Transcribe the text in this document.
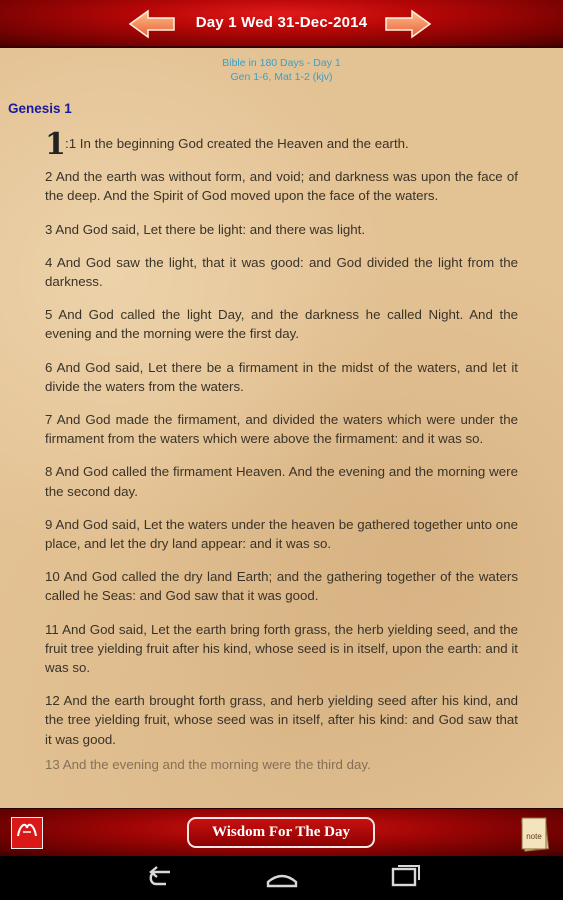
Day 1 Wed 31-Dec-2014
Bible in 180 Days - Day 1
Gen 1-6, Mat 1-2 (kjv)
Genesis 1
1 :1 In the beginning God created the Heaven and the earth.
2 And the earth was without form, and void; and darkness was upon the face of the deep. And the Spirit of God moved upon the face of the waters.
3 And God said, Let there be light: and there was light.
4 And God saw the light, that it was good: and God divided the light from the darkness.
5 And God called the light Day, and the darkness he called Night. And the evening and the morning were the first day.
6 And God said, Let there be a firmament in the midst of the waters, and let it divide the waters from the waters.
7 And God made the firmament, and divided the waters which were under the firmament from the waters which were above the firmament: and it was so.
8 And God called the firmament Heaven. And the evening and the morning were the second day.
9 And God said, Let the waters under the heaven be gathered together unto one place, and let the dry land appear: and it was so.
10 And God called the dry land Earth; and the gathering together of the waters called he Seas: and God saw that it was good.
11 And God said, Let the earth bring forth grass, the herb yielding seed, and the fruit tree yielding fruit after his kind, whose seed is in itself, upon the earth: and it was so.
12 And the earth brought forth grass, and herb yielding seed after his kind, and the tree yielding fruit, whose seed was in itself, after his kind: and God saw that it was good.
13 And the evening and the morning were the third day.
Wisdom For The Day	note
